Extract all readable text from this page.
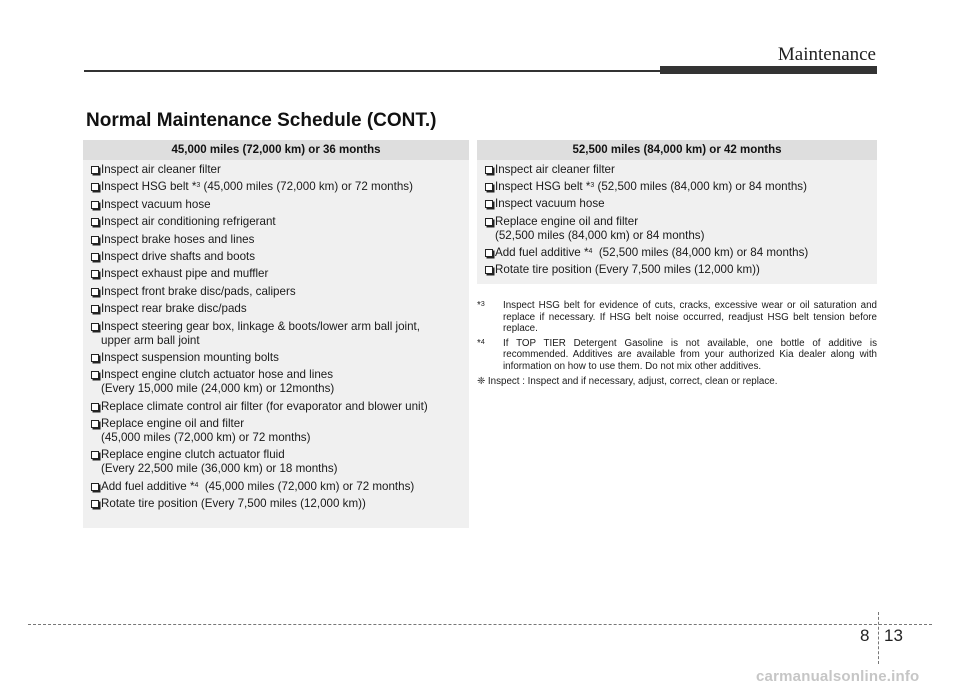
Maintenance
Normal Maintenance Schedule (CONT.)
45,000 miles (72,000 km) or 36 months
Inspect air cleaner filter
Inspect HSG belt *$^3$ (45,000 miles (72,000 km) or 72 months)
Inspect vacuum hose
Inspect air conditioning refrigerant
Inspect brake hoses and lines
Inspect drive shafts and boots
Inspect exhaust pipe and muffler
Inspect front brake disc/pads, calipers
Inspect rear brake disc/pads
Inspect steering gear box, linkage & boots/lower arm ball joint,
upper arm ball joint
Inspect suspension mounting bolts
Inspect engine clutch actuator hose and lines
(Every 15,000 mile (24,000 km) or 12months)
Replace climate control air filter (for evaporator and blower unit)
Replace engine oil and filter
(45,000 miles (72,000 km) or 72 months)
Replace engine clutch actuator fluid
(Every 22,500 mile (36,000 km) or 18 months)
Add fuel additive *$^4$  (45,000 miles (72,000 km) or 72 months)
Rotate tire position (Every 7,500 miles (12,000 km))
52,500 miles (84,000 km) or 42 months
Inspect air cleaner filter
Inspect HSG belt *$^3$ (52,500 miles (84,000 km) or 84 months)
Inspect vacuum hose
Replace engine oil and filter
(52,500 miles (84,000 km) or 84 months)
Add fuel additive *$^4$  (52,500 miles (84,000 km) or 84 months)
Rotate tire position (Every 7,500 miles (12,000 km))
*$^3$ Inspect HSG belt for evidence of cuts, cracks, excessive wear or oil saturation and replace if necessary. If HSG belt noise occurred, readjust HSG belt tension before replace.
*$^4$ If TOP TIER Detergent Gasoline is not available, one bottle of additive is recommended. Additives are available from your authorized Kia dealer along with information on how to use them. Do not mix other additives.
❈ Inspect : Inspect and if necessary, adjust, correct, clean or replace.
8 13
carmanualsonline.info
